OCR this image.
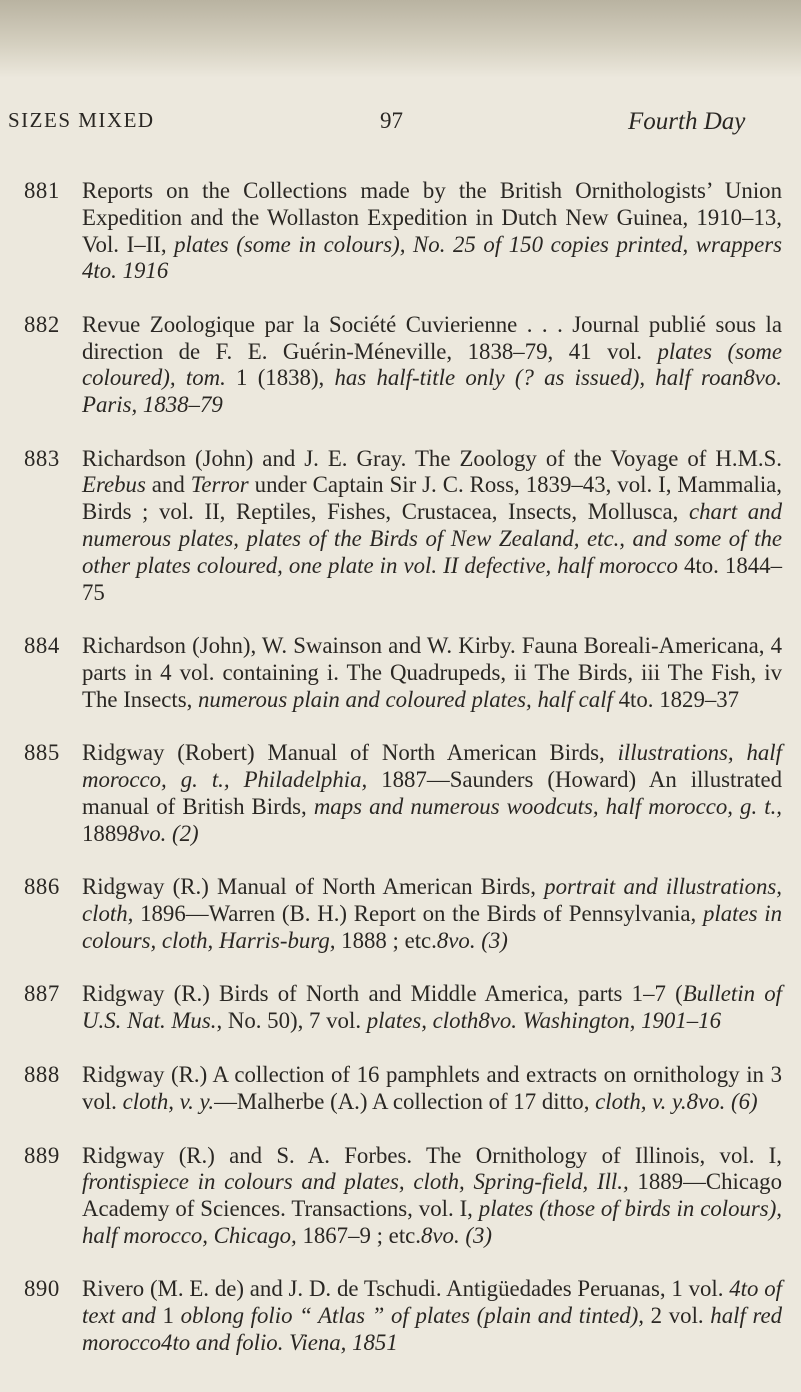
SIZES MIXED	97	Fourth Day
881 Reports on the Collections made by the British Ornithologists’ Union Expedition and the Wollaston Expedition in Dutch New Guinea, 1910–13, Vol. I–II, plates (some in colours), No. 25 of 150 copies printed, wrappers 4to. 1916
882 Revue Zoologique par la Société Cuvierienne . . . Journal publié sous la direction de F. E. Guérin-Méneville, 1838–79, 41 vol. plates (some coloured), tom. 1 (1838), has half-title only (? as issued), half roan8vo. Paris, 1838–79
883 Richardson (John) and J. E. Gray. The Zoology of the Voyage of H.M.S. Erebus and Terror under Captain Sir J. C. Ross, 1839–43, vol. I, Mammalia, Birds ; vol. II, Reptiles, Fishes, Crustacea, Insects, Mollusca, chart and numerous plates, plates of the Birds of New Zealand, etc., and some of the other plates coloured, one plate in vol. II defective, half morocco 4to. 1844–75
884 Richardson (John), W. Swainson and W. Kirby. Fauna Boreali-Americana, 4 parts in 4 vol. containing i. The Quadrupeds, ii The Birds, iii The Fish, iv The Insects, numerous plain and coloured plates, half calf 4to. 1829–37
885 Ridgway (Robert) Manual of North American Birds, illustrations, half morocco, g. t., Philadelphia, 1887—Saunders (Howard) An illustrated manual of British Birds, maps and numerous woodcuts, half morocco, g. t., 18898vo. (2)
886 Ridgway (R.) Manual of North American Birds, portrait and illustrations, cloth, 1896—Warren (B. H.) Report on the Birds of Pennsylvania, plates in colours, cloth, Harris-burg, 1888 ; etc.8vo. (3)
887 Ridgway (R.) Birds of North and Middle America, parts 1–7 (Bulletin of U.S. Nat. Mus., No. 50), 7 vol. plates, cloth8vo. Washington, 1901–16
888 Ridgway (R.) A collection of 16 pamphlets and extracts on ornithology in 3 vol. cloth, v. y.—Malherbe (A.) A collection of 17 ditto, cloth, v. y.8vo. (6)
889 Ridgway (R.) and S. A. Forbes. The Ornithology of Illinois, vol. I, frontispiece in colours and plates, cloth, Spring-field, Ill., 1889—Chicago Academy of Sciences. Transactions, vol. I, plates (those of birds in colours), half morocco, Chicago, 1867–9 ; etc.8vo. (3)
890 Rivero (M. E. de) and J. D. de Tschudi. Antigüedades Peruanas, 1 vol. 4to of text and 1 oblong folio “ Atlas ” of plates (plain and tinted), 2 vol. half red morocco4to and folio. Viena, 1851
